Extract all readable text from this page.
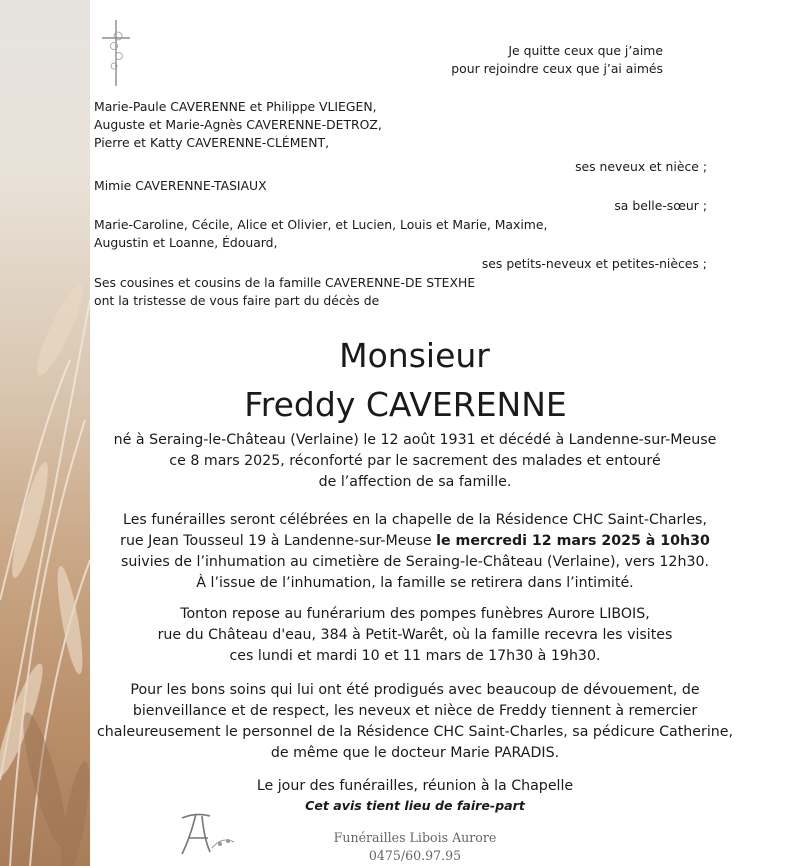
Je quitte ceux que j’aime
pour rejoindre ceux que j’ai aimés
Marie-Paule CAVERENNE et Philippe VLIEGEN,
Auguste et Marie-Agnès CAVERENNE-DETROZ,
Pierre et Katty CAVERENNE-CLÉMENT,
ses neveux et nièce ;
Mimie CAVERENNE-TASIAUX
sa belle-sœur ;
Marie-Caroline, Cécile, Alice et Olivier, et Lucien, Louis et Marie, Maxime,
Augustin et Loanne, Édouard,
ses petits-neveux et petites-nièces ;
Ses cousines et cousins de la famille CAVERENNE-DE STEXHE
ont la tristesse de vous faire part du décès de
Monsieur
Freddy CAVERENNE
né à Seraing-le-Château (Verlaine) le 12 août 1931 et décédé à Landenne-sur-Meuse
ce 8 mars 2025, réconforté par le sacrement des malades et entouré
de l’affection de sa famille.
Les funérailles seront célébrées en la chapelle de la Résidence CHC Saint-Charles,
rue Jean Tousseul 19 à Landenne-sur-Meuse le mercredi 12 mars 2025 à 10h30
suivies de l’inhumation au cimetière de Seraing-le-Château (Verlaine), vers 12h30.
À l’issue de l’inhumation, la famille se retirera dans l’intimité.
Tonton repose au funérarium des pompes funèbres Aurore LIBOIS,
rue du Château d'eau, 384 à Petit-Warêt, où la famille recevra les visites
ces lundi et mardi 10 et 11 mars de 17h30 à 19h30.
Pour les bons soins qui lui ont été prodigués avec beaucoup de dévouement, de
bienveillance et de respect, les neveux et nièce de Freddy tiennent à remercier
chaleureusement le personnel de la Résidence CHC Saint-Charles, sa pédicure Catherine,
de même que le docteur Marie PARADIS.
Le jour des funérailles, réunion à la Chapelle
Cet avis tient lieu de faire-part
Funérailles Libois Aurore
0475/60.97.95
